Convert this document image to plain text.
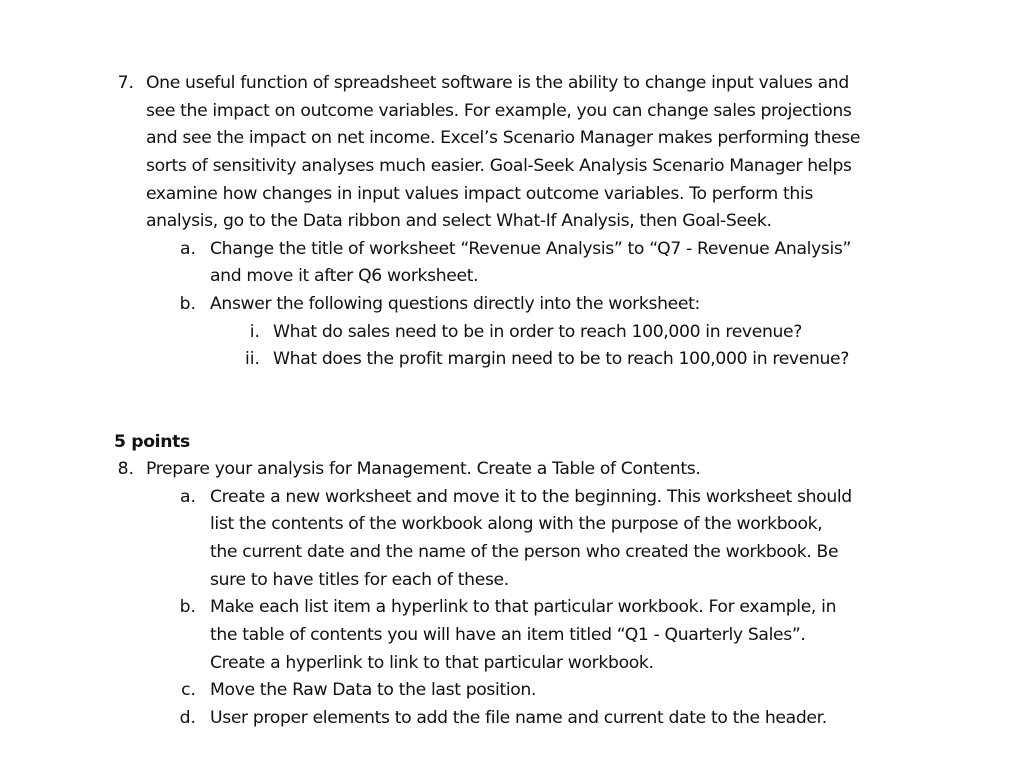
7. One useful function of spreadsheet software is the ability to change input values and
see the impact on outcome variables. For example, you can change sales projections
and see the impact on net income. Excel’s Scenario Manager makes performing these
sorts of sensitivity analyses much easier. Goal-Seek Analysis Scenario Manager helps
examine how changes in input values impact outcome variables. To perform this
analysis, go to the Data ribbon and select What-If Analysis, then Goal-Seek.
a. Change the title of worksheet “Revenue Analysis” to “Q7 - Revenue Analysis”
and move it after Q6 worksheet.
b. Answer the following questions directly into the worksheet:
i. What do sales need to be in order to reach 100,000 in revenue?
ii. What does the profit margin need to be to reach 100,000 in revenue?
5 points
8. Prepare your analysis for Management. Create a Table of Contents.
a. Create a new worksheet and move it to the beginning. This worksheet should
list the contents of the workbook along with the purpose of the workbook,
the current date and the name of the person who created the workbook. Be
sure to have titles for each of these.
b. Make each list item a hyperlink to that particular workbook. For example, in
the table of contents you will have an item titled “Q1 - Quarterly Sales”.
Create a hyperlink to link to that particular workbook.
c. Move the Raw Data to the last position.
d. User proper elements to add the file name and current date to the header.
